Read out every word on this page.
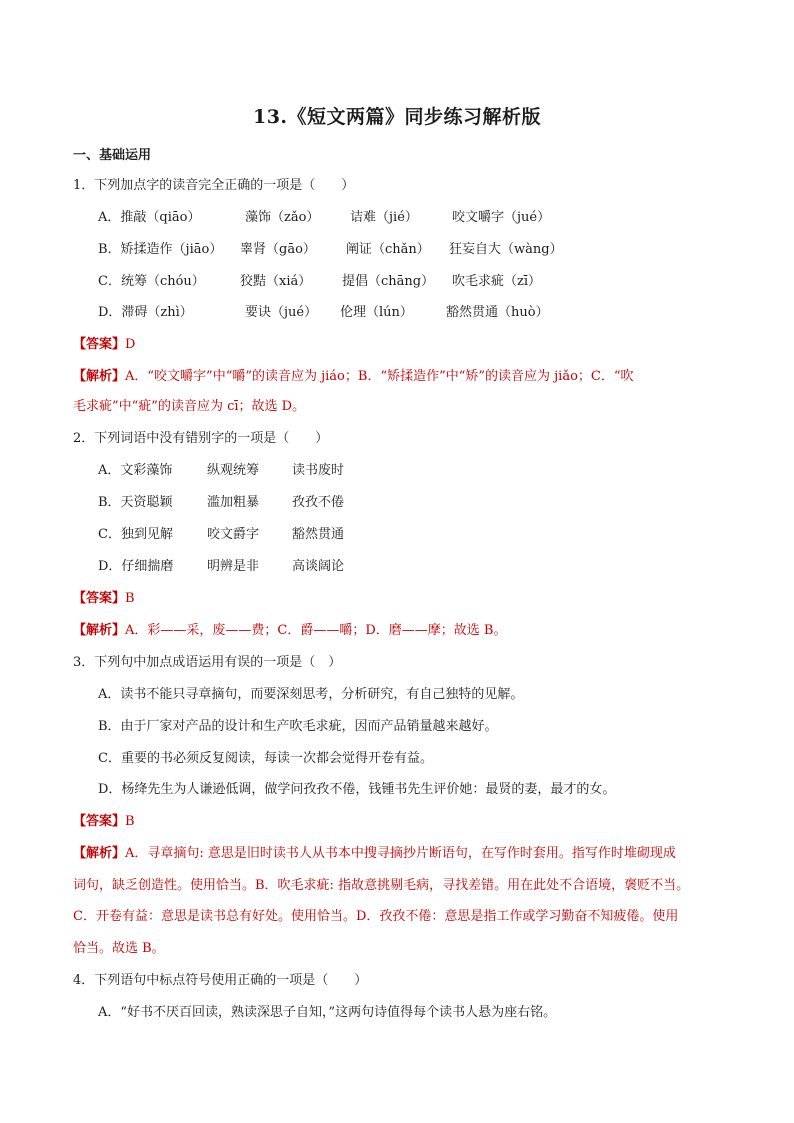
13.《短文两篇》同步练习解析版
一、基础运用
1．下列加点字的读音完全正确的一项是（　　）
A．推敲（qiāo）	藻饰（zǎo） 诘难（jié）	咬文嚼字（jué）
B．矫揉造作（jiāo） 睾肾（gāo） 阐证（chǎn） 狂妄自大（wàng）
C．统筹（chóu）	狡黠（xiá） 提倡（chāng） 吹毛求疵（zī）
D．滞碍（zhì）	要诀（jué） 伦理（lún）	豁然贯通（huò）
【答案】D
【解析】A．“咬文嚼字”中“嚼”的读音应为 jiáo；B．“矫揉造作”中“矫”的读音应为 jiǎo；C．“吹
毛求疵”中“疵”的读音应为 cī；故选 D。
2．下列词语中没有错别字的一项是（　　）
A．文彩藻饰	纵观统筹	读书废时
B．天资聪颖	滥加粗暴	孜孜不倦
C．独到见解	咬文爵字	豁然贯通
D．仔细揣磨	明辨是非	高谈阔论
【答案】B
【解析】A．彩——采，废——费；C．爵——嚼；D．磨——摩；故选 B。
3．下列句中加点成语运用有误的一项是（　）
A．读书不能只寻章摘句，而要深刻思考，分析研究，有自己独特的见解。
B．由于厂家对产品的设计和生产吹毛求疵，因而产品销量越来越好。
C．重要的书必须反复阅读，每读一次都会觉得开卷有益。
D．杨绛先生为人谦逊低调，做学问孜孜不倦，钱锺书先生评价她：最贤的妻，最才的女。
【答案】B
【解析】A．寻章摘句: 意思是旧时读书人从书本中搜寻摘抄片断语句，在写作时套用。指写作时堆砌现成
词句，缺乏创造性。使用恰当。B．吹毛求疵: 指故意挑剔毛病，寻找差错。用在此处不合语境，褒贬不当。
C．开卷有益：意思是读书总有好处。使用恰当。D．孜孜不倦：意思是指工作或学习勤奋不知疲倦。使用
恰当。故选 B。
4．下列语句中标点符号使用正确的一项是（　　）
A．“好书不厌百回读，熟读深思子自知，”这两句诗值得每个读书人悬为座右铭。
